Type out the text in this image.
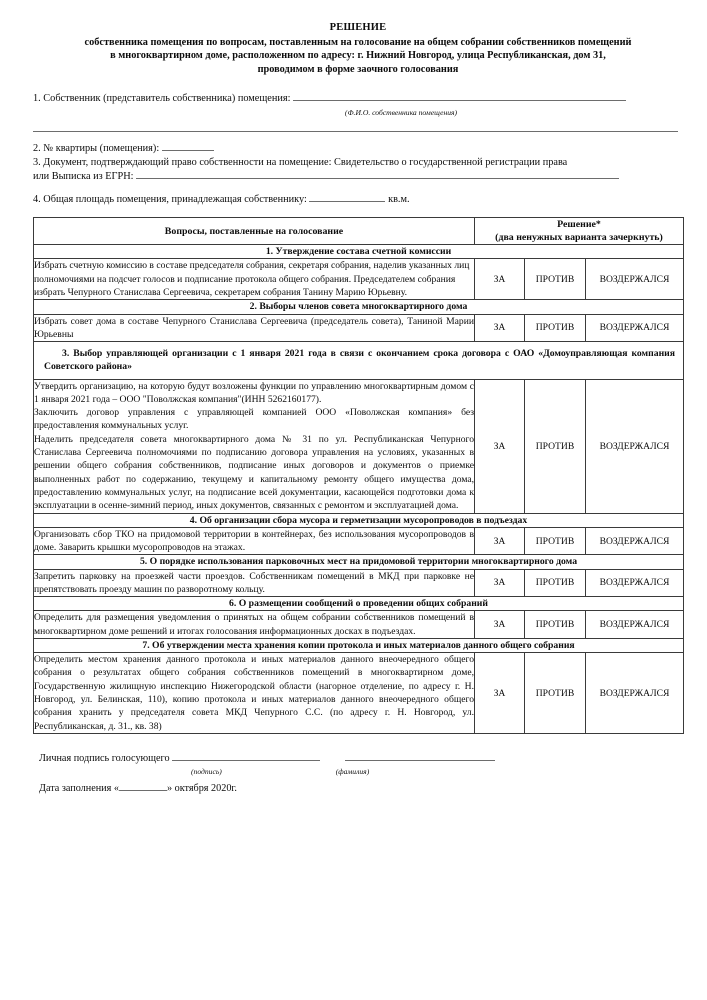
РЕШЕНИЕ
собственника помещения по вопросам, поставленным на голосование на общем собрании собственников помещений
в многоквартирном доме, расположенном по адресу: г. Нижний Новгород, улица Республиканская, дом 31,
проводимом в форме заочного голосования
1. Собственник (представитель собственника) помещения:
(Ф.И.О. собственника помещения)
2. № квартиры (помещения):
3. Документ, подтверждающий право собственности на помещение: Свидетельство о государственной регистрации права
или Выписка из ЕГРН:
4. Общая площадь помещения, принадлежащая собственнику:	кв.м.
Вопросы, поставленные на голосование	Решение*
(два ненужных варианта зачеркнуть)		

1. Утверждение состава счетной комиссии			

Избрать счетную комиссию в составе председателя собрания, секретаря собрания, наделив указанных лиц полномочиями на подсчет голосов и подписание протокола общего собрания. Председателем собрания избрать Чепурного Станислава Сергеевича, секретарем собрания Танину Марию Юрьевну.	ЗА	ПРОТИВ	ВОЗДЕРЖАЛСЯ
2. Выборы членов совета многоквартирного дома			

Избрать совет дома в составе Чепурного Станислава Сергеевича (председатель совета), Таниной Марии Юрьевны	ЗА	ПРОТИВ	ВОЗДЕРЖАЛСЯ
3. Выбор управляющей организации с 1 января 2021 года в связи с окончанием срока договора с ОАО «Домоуправляющая компания Советского района»			

Утвердить организацию, на которую будут возложены функции по управлению многоквартирным домом с 1 января 2021 года – ООО "Поволжская компания"(ИНН 5262160177).
Заключить договор управления с управляющей компанией ООО «Поволжская компания» без предоставления коммунальных услуг.
Наделить председателя совета многоквартирного дома № 31 по ул. Республиканская Чепурного Станислава Сергеевича полномочиями по подписанию договора управления на условиях, указанных в решении общего собрания собственников, подписание иных договоров и документов о приемке выполненных работ по содержанию, текущему и капитальному ремонту общего имущества дома, предоставлению коммунальных услуг, на подписание всей документации, касающейся подготовки дома к эксплуатации в осенне-зимний период, иных документов, связанных с ремонтом и эксплуатацией дома.	ЗА	ПРОТИВ	ВОЗДЕРЖАЛСЯ
4. Об организации сбора мусора и герметизации мусоропроводов в подъездах			

Организовать сбор ТКО на придомовой территории в контейнерах, без использования мусоропроводов в доме. Заварить крышки мусоропроводов на этажах.	ЗА	ПРОТИВ	ВОЗДЕРЖАЛСЯ
5. О порядке использования парковочных мест на придомовой территории многоквартирного дома			

Запретить парковку на проезжей части проездов. Собственникам помещений в МКД при парковке не препятствовать проезду машин по разворотному кольцу.	ЗА	ПРОТИВ	ВОЗДЕРЖАЛСЯ
6. О размещении сообщений о проведении общих собраний			

Определить для размещения уведомления о принятых на общем собрании собственников помещений в многоквартирном доме решений и итогах голосования информационных досках в подъездах.	ЗА	ПРОТИВ	ВОЗДЕРЖАЛСЯ
7. Об утверждении места хранения копии протокола и иных материалов данного общего собрания			

Определить местом хранения данного протокола и иных материалов данного внеочередного общего собрания о результатах общего собрания собственников помещений в многоквартирном доме, Государственную жилищную инспекцию Нижегородской области (нагорное отделение, по адресу г. Н. Новгород, ул. Белинская, 110), копию протокола и иных материалов данного внеочередного общего собрания хранить у председателя совета МКД Чепурного С.С. (по адресу г. Н. Новгород, ул. Республиканская, д. 31., кв. 38)	ЗА	ПРОТИВ	ВОЗДЕРЖАЛСЯ
Личная подпись голосующего
(подпись)	(фамилия)
Дата заполнения «	» октября 2020г.
